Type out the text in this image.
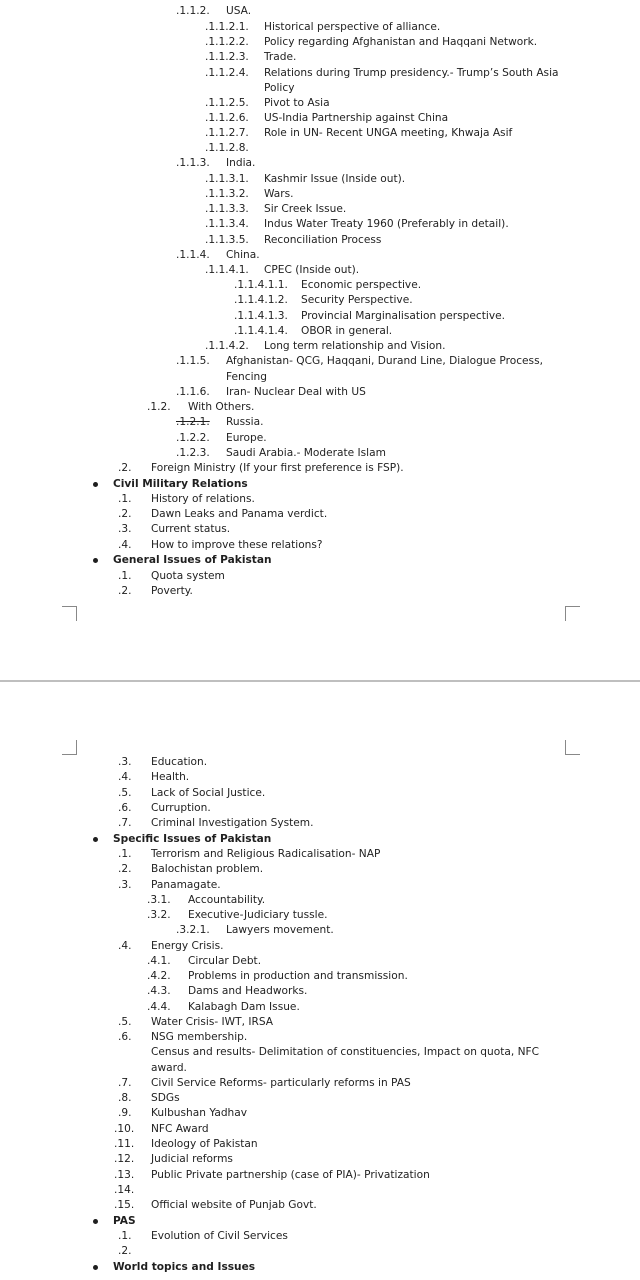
.1.1.2. USA.
.1.1.2.1. Historical perspective of alliance.
.1.1.2.2. Policy regarding Afghanistan and Haqqani Network.
.1.1.2.3. Trade.
.1.1.2.4. Relations during Trump presidency.- Trump’s South Asia
Policy
.1.1.2.5. Pivot to Asia
.1.1.2.6. US-India Partnership against China
.1.1.2.7. Role in UN- Recent UNGA meeting, Khwaja Asif
.1.1.2.8.
.1.1.3. India.
.1.1.3.1. Kashmir Issue (Inside out).
.1.1.3.2. Wars.
.1.1.3.3. Sir Creek Issue.
.1.1.3.4. Indus Water Treaty 1960 (Preferably in detail).
.1.1.3.5. Reconciliation Process
.1.1.4. China.
.1.1.4.1. CPEC (Inside out).
.1.1.4.1.1. Economic perspective.
.1.1.4.1.2. Security Perspective.
.1.1.4.1.3. Provincial Marginalisation perspective.
.1.1.4.1.4. OBOR in general.
.1.1.4.2. Long term relationship and Vision.
.1.1.5. Afghanistan- QCG, Haqqani, Durand Line, Dialogue Process,
Fencing
.1.1.6. Iran- Nuclear Deal with US
.1.2. With Others.
.1.2.1. Russia.
.1.2.2. Europe.
.1.2.3. Saudi Arabia.- Moderate Islam
.2. Foreign Ministry (If your first preference is FSP).
Civil Military Relations
.1. History of relations.
.2. Dawn Leaks and Panama verdict.
.3. Current status.
.4. How to improve these relations?
General Issues of Pakistan
.1. Quota system
.2. Poverty.
.3. Education.
.4. Health.
.5. Lack of Social Justice.
.6. Curruption.
.7. Criminal Investigation System.
Specific Issues of Pakistan
.1. Terrorism and Religious Radicalisation- NAP
.2. Balochistan problem.
.3. Panamagate.
.3.1. Accountability.
.3.2. Executive-Judiciary tussle.
.3.2.1. Lawyers movement.
.4. Energy Crisis.
.4.1. Circular Debt.
.4.2. Problems in production and transmission.
.4.3. Dams and Headworks.
.4.4. Kalabagh Dam Issue.
.5. Water Crisis- IWT, IRSA
.6. NSG membership.
Census and results- Delimitation of constituencies, Impact on quota, NFC
award.
.7. Civil Service Reforms- particularly reforms in PAS
.8. SDGs
.9. Kulbushan Yadhav
.10. NFC Award
.11. Ideology of Pakistan
.12. Judicial reforms
.13. Public Private partnership (case of PIA)- Privatization
.14.
.15. Official website of Punjab Govt.
PAS
.1. Evolution of Civil Services
.2.
World topics and Issues
